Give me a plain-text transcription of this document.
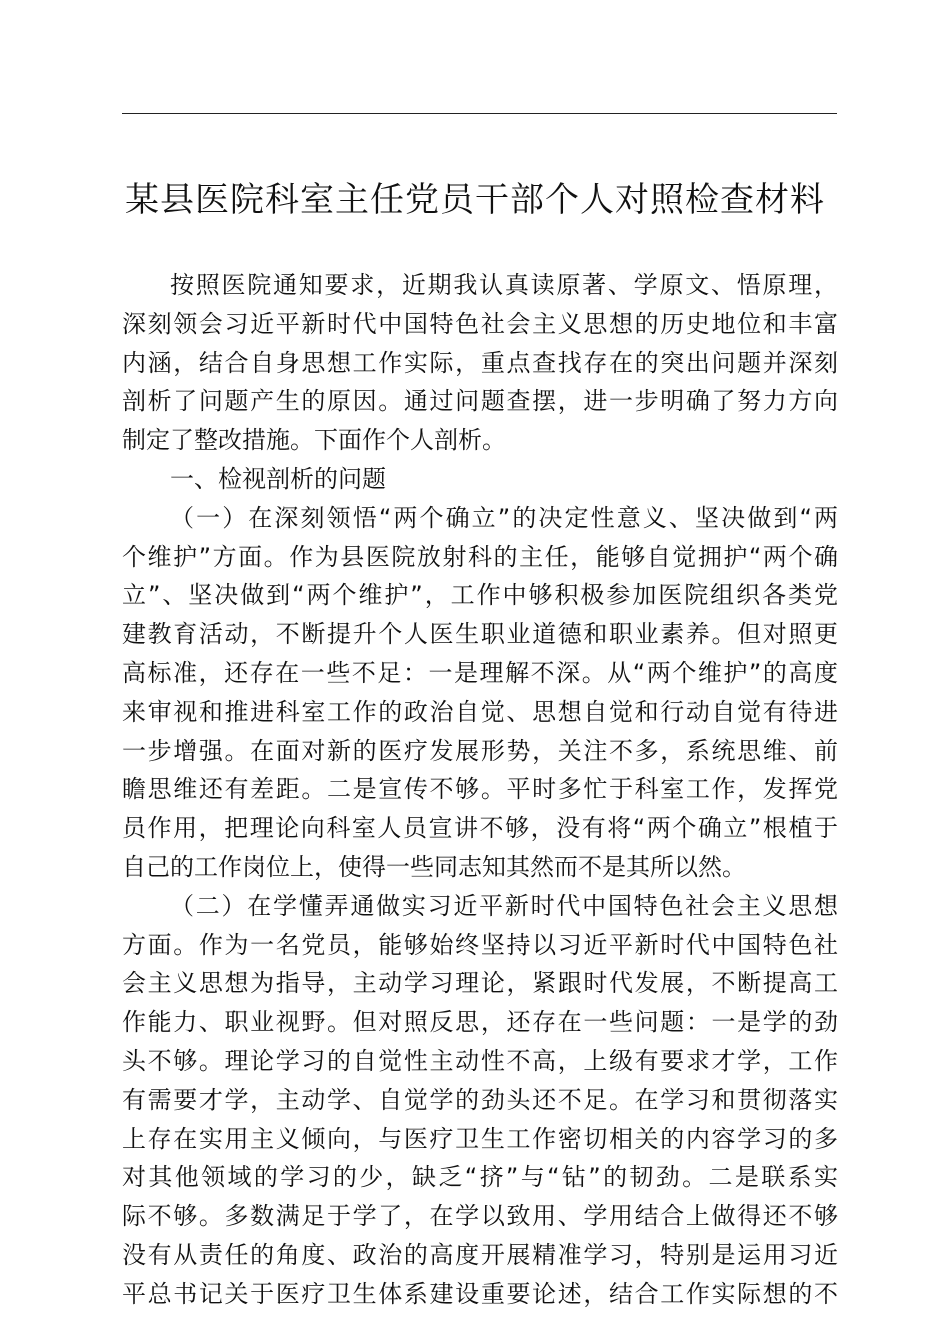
某县医院科室主任党员干部个人对照检查材料
按照医院通知要求，近期我认真读原著、学原文、悟原理，
深刻领会习近平新时代中国特色社会主义思想的历史地位和丰富
内涵，结合自身思想工作实际，重点查找存在的突出问题并深刻
剖析了问题产生的原因。通过问题查摆，进一步明确了努力方向
制定了整改措施。下面作个人剖析。
一、检视剖析的问题
（一）在深刻领悟“两个确立”的决定性意义、坚决做到“两
个维护”方面。作为县医院放射科的主任，能够自觉拥护“两个确
立”、坚决做到“两个维护”，工作中够积极参加医院组织各类党
建教育活动，不断提升个人医生职业道德和职业素养。但对照更
高标准，还存在一些不足：一是理解不深。从“两个维护”的高度
来审视和推进科室工作的政治自觉、思想自觉和行动自觉有待进
一步增强。在面对新的医疗发展形势，关注不多，系统思维、前
瞻思维还有差距。二是宣传不够。平时多忙于科室工作，发挥党
员作用，把理论向科室人员宣讲不够，没有将“两个确立”根植于
自己的工作岗位上，使得一些同志知其然而不是其所以然。
（二）在学懂弄通做实习近平新时代中国特色社会主义思想
方面。作为一名党员，能够始终坚持以习近平新时代中国特色社
会主义思想为指导，主动学习理论，紧跟时代发展，不断提高工
作能力、职业视野。但对照反思，还存在一些问题：一是学的劲
头不够。理论学习的自觉性主动性不高，上级有要求才学，工作
有需要才学，主动学、自觉学的劲头还不足。在学习和贯彻落实
上存在实用主义倾向，与医疗卫生工作密切相关的内容学习的多
对其他领域的学习的少，缺乏“挤”与“钻”的韧劲。二是联系实
际不够。多数满足于学了，在学以致用、学用结合上做得还不够
没有从责任的角度、政治的高度开展精准学习，特别是运用习近
平总书记关于医疗卫生体系建设重要论述，结合工作实际想的不
